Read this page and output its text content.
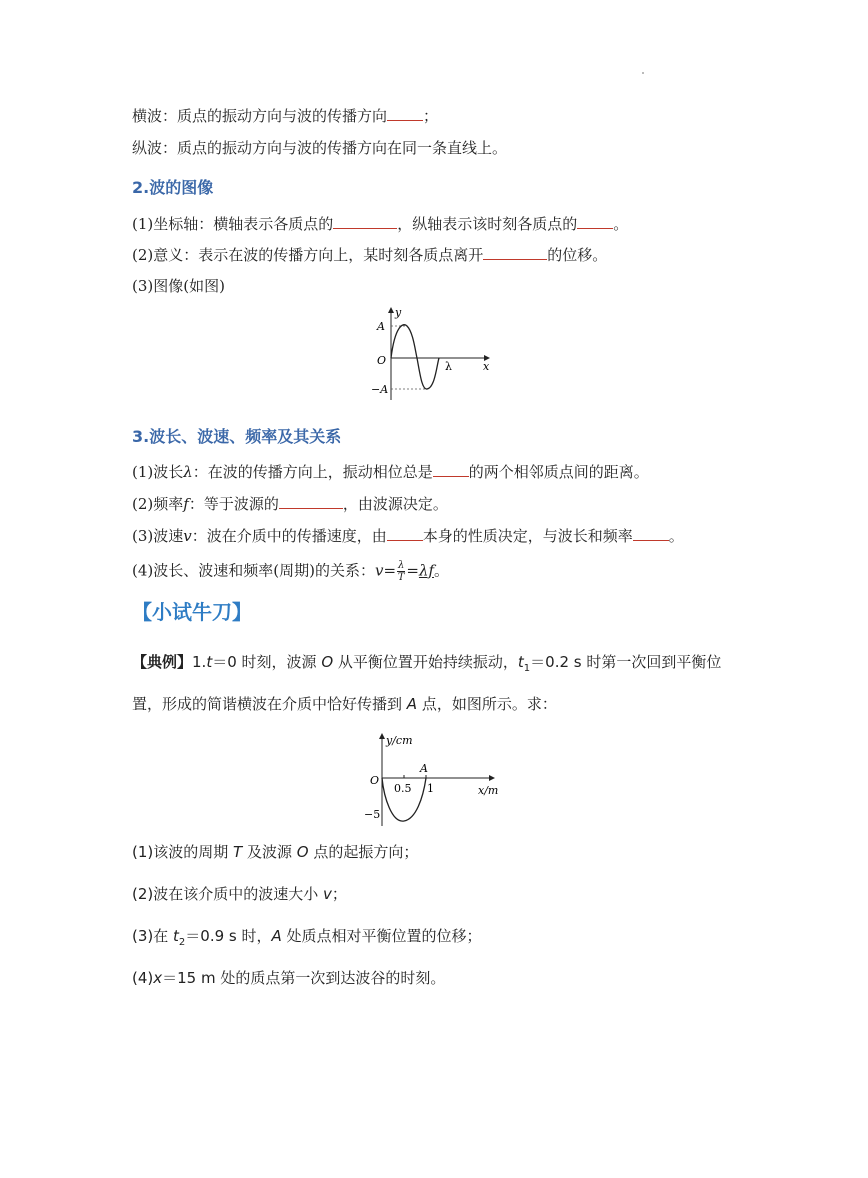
横波：质点的振动方向与波的传播方向 ；
纵波：质点的振动方向与波的传播方向在同一条直线上。
2.波的图像
(1)坐标轴：横轴表示各质点的	，纵轴表示该时刻各质点的 。
(2)意义：表示在波的传播方向上，某时刻各质点离开	的位移。
(3)图像(如图)
y
A
O
−A
λ	x
3.波长、波速、频率及其关系
(1)波长λ：在波的传播方向上，振动相位总是 的两个相邻质点间的距离。
(2)频率f：等于波源的	，由波源决定。
(3)波速v：波在介质中的传播速度，由 本身的性质决定，与波长和频率 。
(4)波长、波速和频率(周期)的关系：$v= \frac{\lambda}{T} =\lambda f$。
【小试牛刀】
【典例】1.t＝0 时刻，波源 O 从平衡位置开始持续振动，$t_1=0.2$ s 时第一次回到平衡位
置，形成的简谐横波在介质中恰好传播到 A 点，如图所示。求：
y/cm
O
0.5
A
1	x/m
−5
(1)该波的周期 T 及波源 O 点的起振方向；
(2)波在该介质中的波速大小 v；
(3)在 $t_2=0.9$ s 时，A 处质点相对平衡位置的位移；
(4)x＝15 m 处的质点第一次到达波谷的时刻。
